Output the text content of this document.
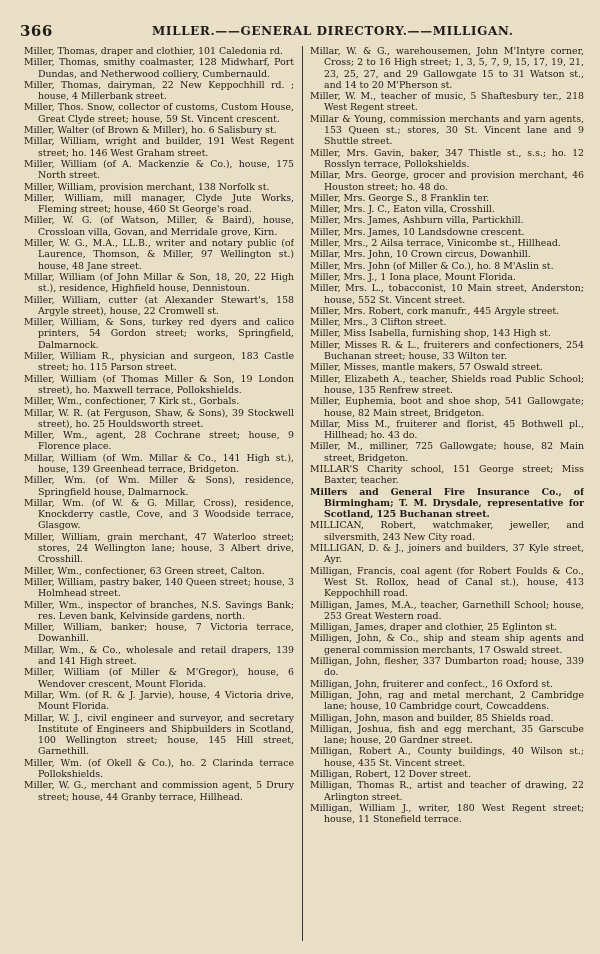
366	MILLER.——GENERAL DIRECTORY.——MILLIGAN.

Miller, Thomas, draper and clothier, 101 Caledonia rd.

Miller, Thomas, smithy coalmaster, 128 Midwharf, Port Dundas, and Netherwood colliery, Cumbernauld.

Miller, Thomas, dairyman, 22 New Keppochhill rd. ; house, 4 Millerbank street.

Miller, Thos. Snow, collector of customs, Custom House, Great Clyde street; house, 59 St. Vincent crescent.

Miller, Walter (of Brown & Miller), ho. 6 Salisbury st.

Millar, William, wright and builder, 191 West Regent street; ho. 146 West Graham street.

Miller, William (of A. Mackenzie & Co.), house, 175 North street.

Miller, William, provision merchant, 138 Norfolk st.

Miller, William, mill manager, Clyde Jute Works, Fleming street; house, 460 St George's road.

Miller, W. G. (of Watson, Miller, & Baird), house, Crossloan villa, Govan, and Merridale grove, Kirn.

Miller, W. G., M.A., LL.B., writer and notary public (of Laurence, Thomson, & Miller, 97 Wellington st.) house, 48 Jane street.

Millar, William (of John Millar & Son, 18, 20, 22 High st.), residence, Highfield house, Dennistoun.

Miller, William, cutter (at Alexander Stewart's, 158 Argyle street), house, 22 Cromwell st.

Miller, William, & Sons, turkey red dyers and calico printers, 54 Gordon street; works, Springfield, Dalmarnock.

Miller, William R., physician and surgeon, 183 Castle street; ho. 115 Parson street.

Miller, William (of Thomas Miller & Son, 19 London street), ho. Maxwell terrace, Pollokshields.

Miller, Wm., confectioner, 7 Kirk st., Gorbals.

Millar, W. R. (at Ferguson, Shaw, & Sons), 39 Stockwell street), ho. 25 Houldsworth street.

Miller, Wm., agent, 28 Cochrane street; house, 9 Florence place.

Millar, William (of Wm. Millar & Co., 141 High st.), house, 139 Greenhead terrace, Bridgeton.

Miller, Wm. (of Wm. Miller & Sons), residence, Springfield house, Dalmarnock.

Millar, Wm. (of W. & G. Millar, Cross), residence, Knockderry castle, Cove, and 3 Woodside terrace, Glasgow.

Miller, William, grain merchant, 47 Waterloo street; stores, 24 Wellington lane; house, 3 Albert drive, Crosshill.

Miller, Wm., confectioner, 63 Green street, Calton.

Miller, William, pastry baker, 140 Queen street; house, 3 Holmhead street.

Miller, Wm., inspector of branches, N.S. Savings Bank; res. Leven bank, Kelvinside gardens, north.

Miller, William, banker; house, 7 Victoria terrace, Dowanhill.

Millar, Wm., & Co., wholesale and retail drapers, 139 and 141 High street.

Miller, William (of Miller & M'Gregor), house, 6 Wendover crescent, Mount Florida.

Millar, Wm. (of R. & J. Jarvie), house, 4 Victoria drive, Mount Florida.

Millar, W. J., civil engineer and surveyor, and secretary Institute of Engineers and Shipbuilders in Scotland, 100 Wellington street; house, 145 Hill street, Garnethill.

Miller, Wm. (of Okell & Co.), ho. 2 Clarinda terrace Pollokshields.

Miller, W. G., merchant and commission agent, 5 Drury street; house, 44 Granby terrace, Hillhead.

Millar, W. & G., warehousemen, John M'Intyre corner, Cross; 2 to 16 High street; 1, 3, 5, 7, 9, 15, 17, 19, 21, 23, 25, 27, and 29 Gallowgate 15 to 31 Watson st., and 14 to 20 M'Pherson st.

Miller, W. M., teacher of music, 5 Shaftesbury ter., 218 West Regent street.

Millar & Young, commission merchants and yarn agents, 153 Queen st.; stores, 30 St. Vincent lane and 9 Shuttle street.

Miller, Mrs. Gavin, baker, 347 Thistle st., s.s.; ho. 12 Rosslyn terrace, Pollokshields.

Millar, Mrs. George, grocer and provision merchant, 46 Houston street; ho. 48 do.

Miller, Mrs. George S., 8 Franklin ter.

Miller, Mrs. J. C., Eaton villa, Crosshill.

Miller, Mrs. James, Ashburn villa, Partickhill.

Miller, Mrs. James, 10 Landsdowne crescent.

Miller, Mrs., 2 Ailsa terrace, Vinicombe st., Hillhead.

Millar, Mrs. John, 10 Crown circus, Dowanhill.

Miller, Mrs. John (of Miller & Co.), ho. 8 M'Aslin st.

Miller, Mrs. J., 1 Iona place, Mount Florida.

Miller, Mrs. L., tobacconist, 10 Main street, Anderston; house, 552 St. Vincent street.

Miller, Mrs. Robert, cork manufr., 445 Argyle street.

Miller, Mrs., 3 Clifton street.

Miller, Miss Isabella, furnishing shop, 143 High st.

Miller, Misses R. & L., fruiterers and confectioners, 254 Buchanan street; house, 33 Wilton ter.

Miller, Misses, mantle makers, 57 Oswald street.

Miller, Elizabeth A., teacher, Shields road Public School; house, 135 Renfrew street.

Miller, Euphemia, boot and shoe shop, 541 Gallowgate; house, 82 Main street, Bridgeton.

Millar, Miss M., fruiterer and florist, 45 Bothwell pl., Hillhead; ho. 43 do.

Miller, M., milliner, 725 Gallowgate; house, 82 Main street, Bridgeton.

MILLAR'S Charity school, 151 George street; Miss Baxter, teacher.

Millers and General Fire Insurance Co., of Birmingham; T. M. Drysdale, representative for Scotland, 125 Buchanan street.

MILLICAN, Robert, watchmaker, jeweller, and silversmith, 243 New City road.

MILLIGAN, D. & J., joiners and builders, 37 Kyle street, Ayr.

Milligan, Francis, coal agent (for Robert Foulds & Co., West St. Rollox, head of Canal st.), house, 413 Keppochhill road.

Milligan, James, M.A., teacher, Garnethill School; house, 253 Great Western road.

Milligan, James, draper and clothier, 25 Eglinton st.

Milligen, John, & Co., ship and steam ship agents and general commission merchants, 17 Oswald street.

Milligan, John, flesher, 337 Dumbarton road; house, 339 do.

Milligan, John, fruiterer and confect., 16 Oxford st.

Milligan, John, rag and metal merchant, 2 Cambridge lane; house, 10 Cambridge court, Cowcaddens.

Milligan, John, mason and builder, 85 Shields road.

Milligan, Joshua, fish and egg merchant, 35 Garscube lane; house, 20 Gardner street.

Milligan, Robert A., County buildings, 40 Wilson st.; house, 435 St. Vincent street.

Milligan, Robert, 12 Dover street.

Milligan, Thomas R., artist and teacher of drawing, 22 Arlington street.

Milligan, William J., writer, 180 West Regent street; house, 11 Stonefield terrace.
